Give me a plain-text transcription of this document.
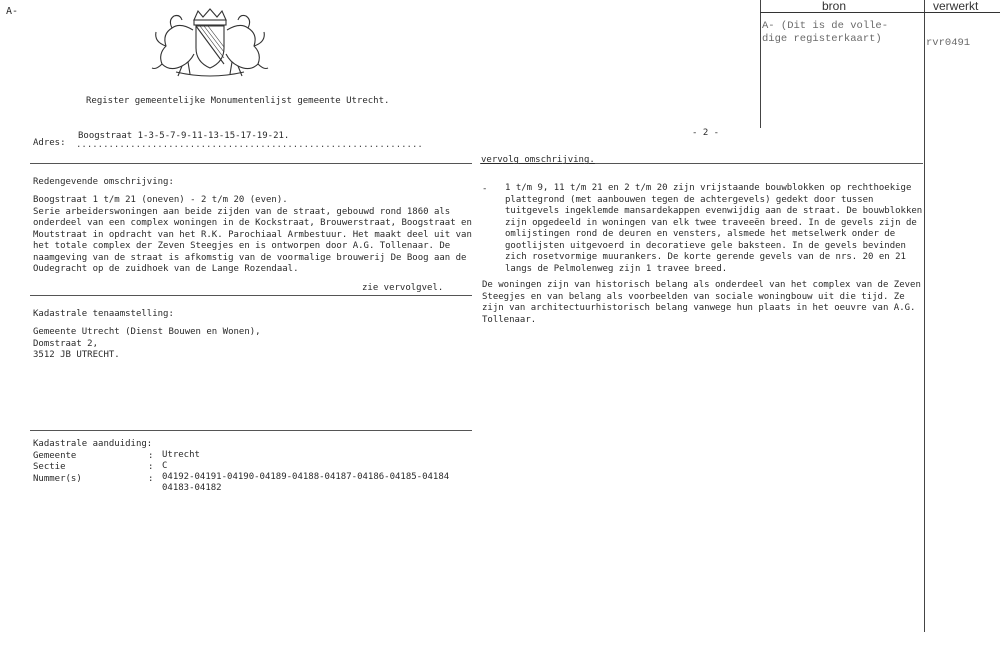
A-
Register gemeentelijke Monumentenlijst gemeente Utrecht.
Adres:
Boogstraat 1-3-5-7-9-11-13-15-17-19-21.
................................................................
- 2 -
Redengevende omschrijving:
Boogstraat 1 t/m 21 (oneven) - 2 t/m 20 (even).
Serie arbeiderswoningen aan beide zijden van de straat, gebouwd rond 1860 als
onderdeel van een complex woningen in de Kockstraat, Brouwerstraat, Boogstraat en
Moutstraat in opdracht van het R.K. Parochiaal Armbestuur. Het maakt deel uit van
het totale complex der Zeven Steegjes en is ontworpen door A.G. Tollenaar. De
naamgeving van de straat is afkomstig van de voormalige brouwerij De Boog aan de
Oudegracht op de zuidhoek van de Lange Rozendaal.
zie vervolgvel.
Kadastrale tenaamstelling:
Gemeente Utrecht (Dienst Bouwen en Wonen),
Domstraat 2,
3512 JB UTRECHT.
Kadastrale aanduiding:
Gemeente	: Utrecht
Sectie	: C
Nummer(s)	: 04192-04191-04190-04189-04188-04187-04186-04185-04184
04183-04182
vervolg omschrijving.
- 1 t/m 9, 11 t/m 21 en 2 t/m 20 zijn vrijstaande bouwblokken op rechthoekige
plattegrond (met aanbouwen tegen de achtergevels) gedekt door tussen
tuitgevels ingeklemde mansardekappen evenwijdig aan de straat. De bouwblokken
zijn opgedeeld in woningen van elk twee traveeën breed. In de gevels zijn de
omlijstingen rond de deuren en vensters, alsmede het metselwerk onder de
gootlijsten uitgevoerd in decoratieve gele baksteen. In de gevels bevinden
zich rosetvormige muurankers. De korte gerende gevels van de nrs. 20 en 21
langs de Pelmolenweg zijn 1 travee breed.
De woningen zijn van historisch belang als onderdeel van het complex van de Zeven
Steegjes en van belang als voorbeelden van sociale woningbouw uit die tijd. Ze
zijn van architectuurhistorisch belang vanwege hun plaats in het oeuvre van A.G.
Tollenaar.
bron	verwerkt
A- (Dit is de volle-
dige registerkaart)	rvr0491
